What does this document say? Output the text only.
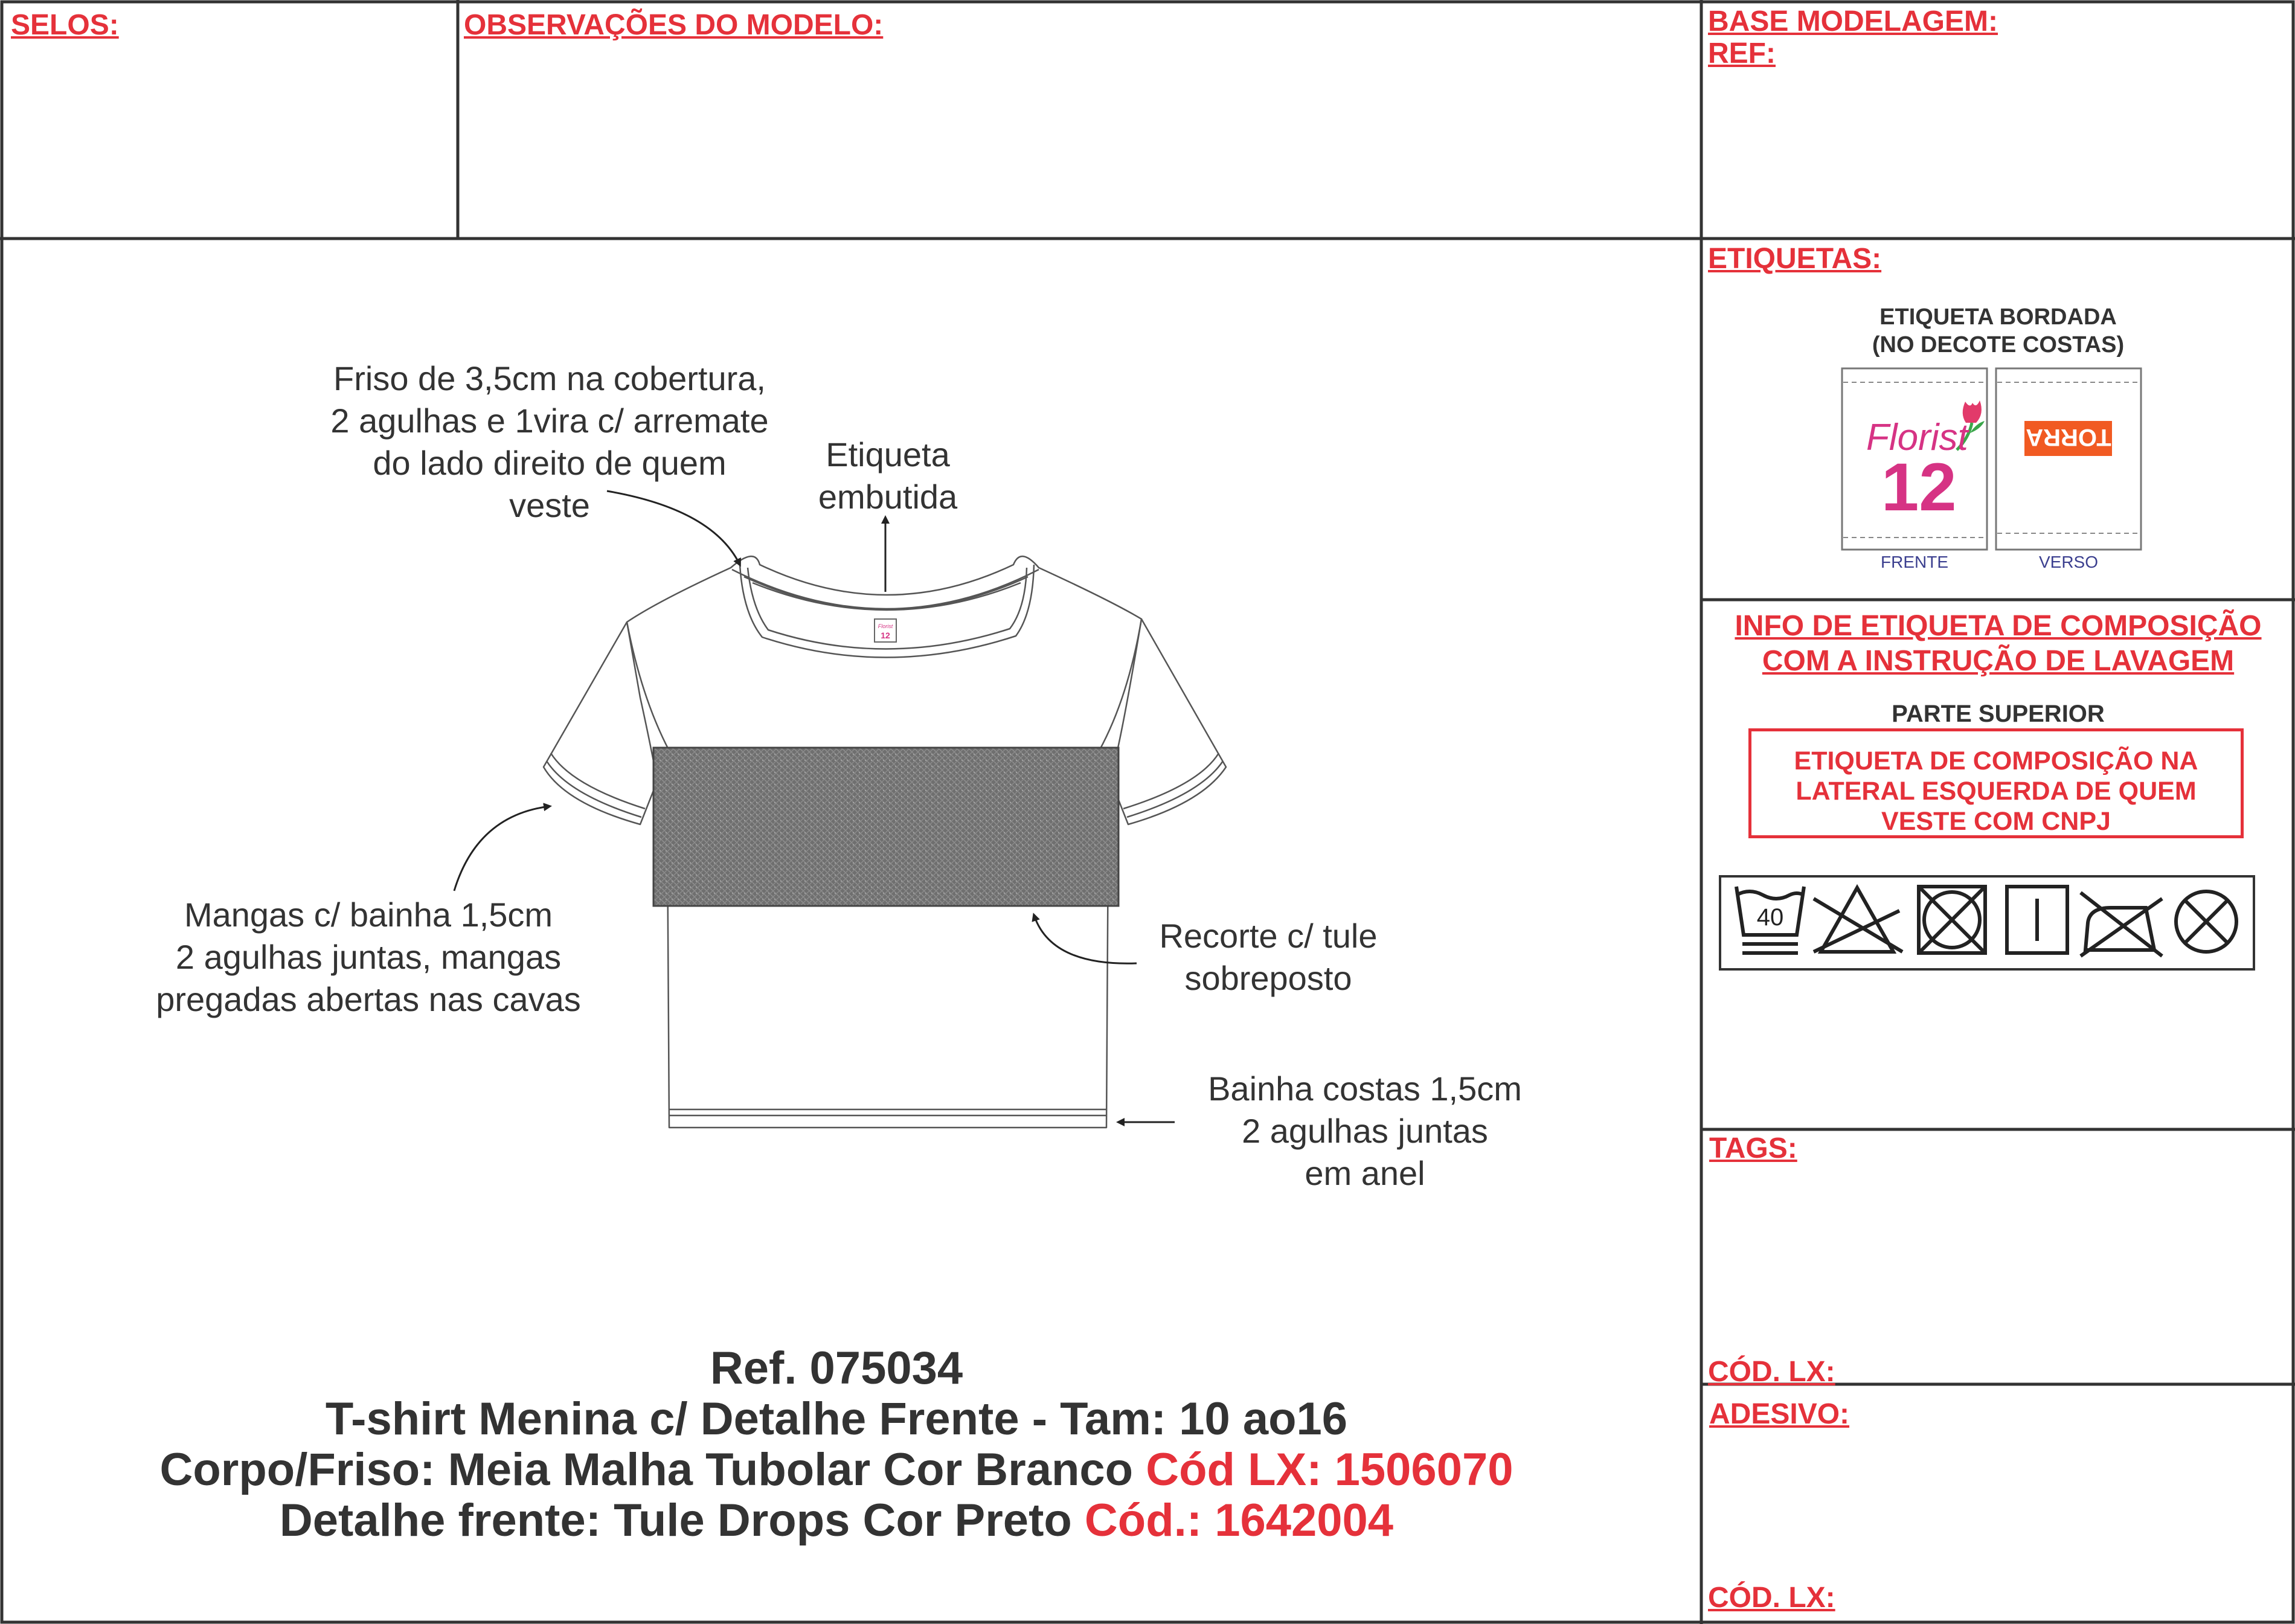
SELOS:	OBSERVAÇÕES DO MODELO:	BASE MODELAGEM:
REF:
ETIQUETAS:
TAGS:
CÓD. LX:
ADESIVO:
CÓD. LX:
ETIQUETA BORDADA
(NO DECOTE COSTAS)
Florist
12
TORRA
FRENTE	VERSO
INFO DE ETIQUETA DE COMPOSIÇÃO
COM A INSTRUÇÃO DE LAVAGEM
PARTE SUPERIOR
ETIQUETA DE COMPOSIÇÃO NA
LATERAL ESQUERDA DE QUEM
VESTE COM CNPJ
40
Florist
12
Friso de 3,5cm na cobertura,
2 agulhas e 1vira c/ arremate
do lado direito de quem
veste
Etiqueta
embutida
Mangas c/ bainha 1,5cm
2 agulhas juntas, mangas
pregadas abertas nas cavas
Recorte c/ tule
sobreposto
Bainha costas 1,5cm
2 agulhas juntas
em anel
Ref. 075034
T-shirt Menina c/ Detalhe Frente - Tam: 10 ao16
Corpo/Friso: Meia Malha Tubolar Cor Branco Cód LX: 1506070
Detalhe frente: Tule Drops Cor Preto Cód.: 1642004
